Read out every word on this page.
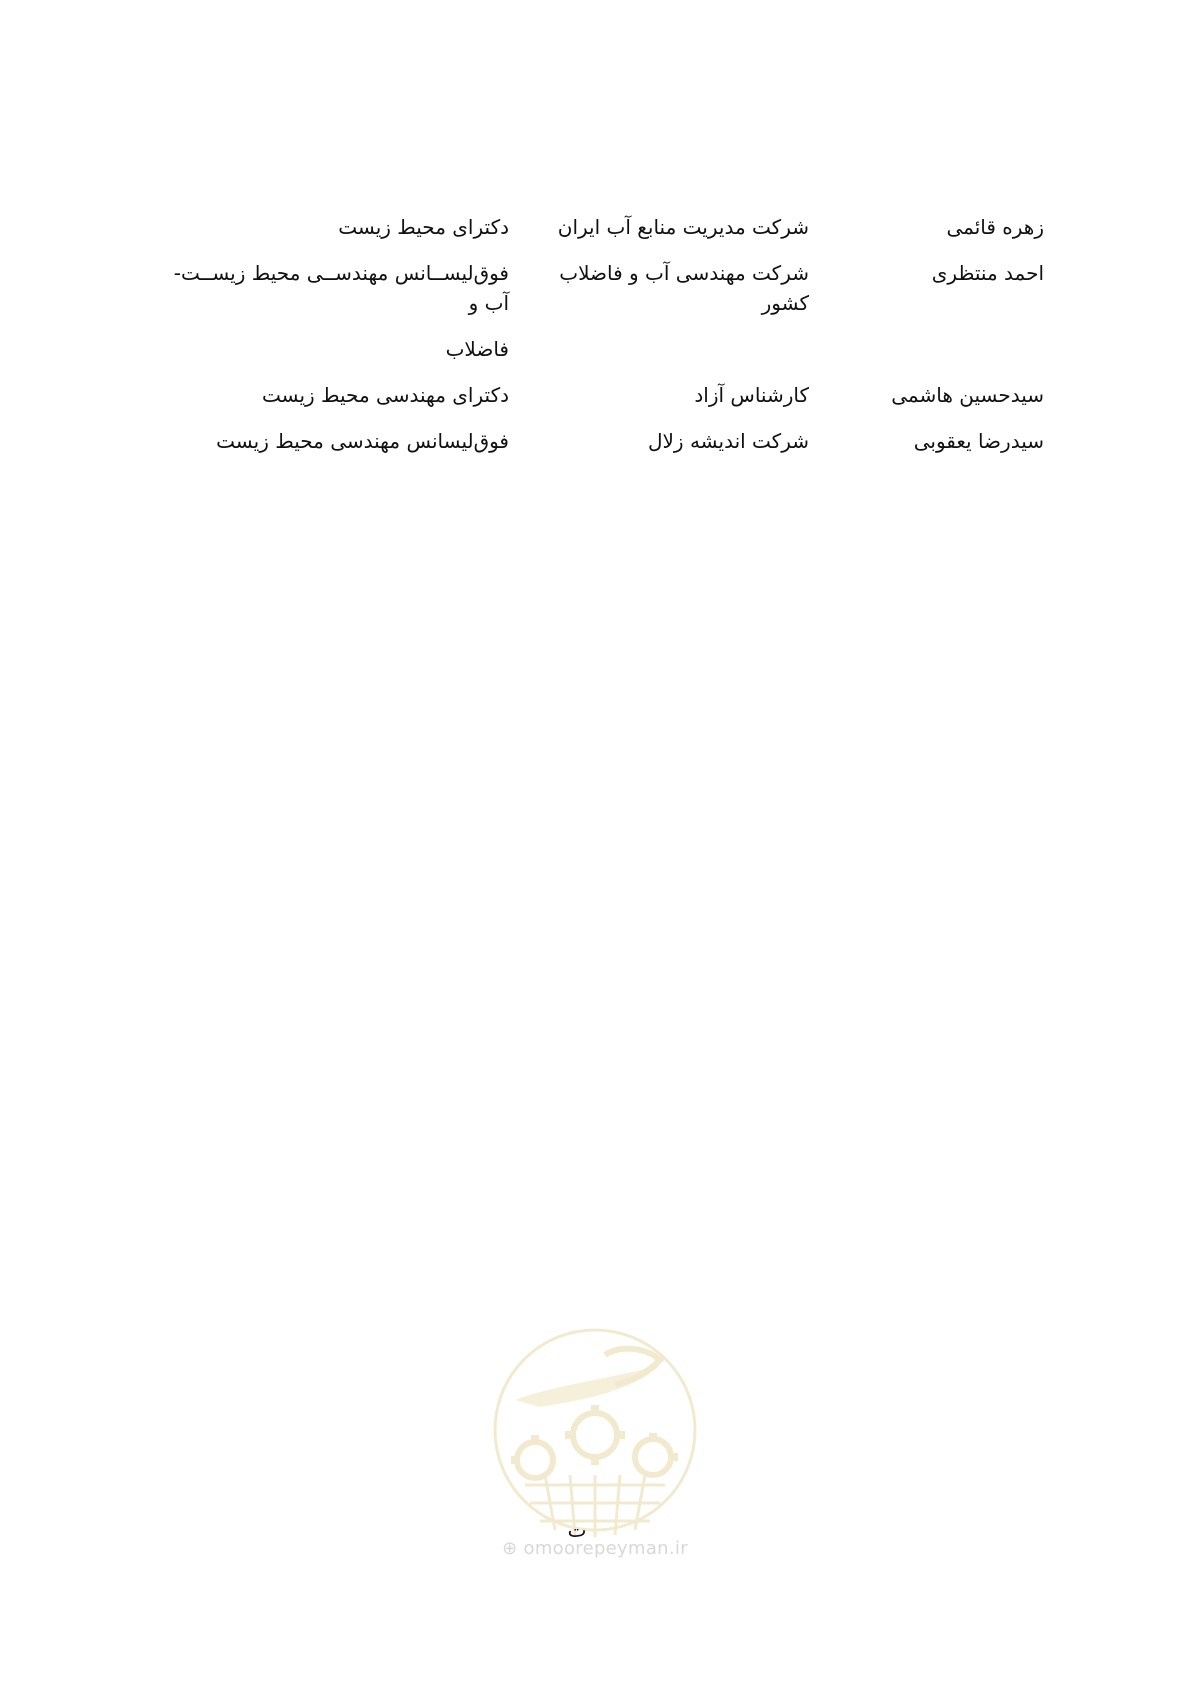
زهره قائمی
شرکت مدیریت منابع آب ایران
دکترای محیط زیست
احمد منتظری
شرکت مهندسی آب و فاضلاب کشور
فوق‌لیســانس مهندســی محیط زیســت- آب و
فاضلاب
سیدحسین هاشمی
کارشناس آزاد
دکترای مهندسی محیط زیست
سیدرضا یعقوبی
شرکت اندیشه زلال
فوق‌لیسانس مهندسی محیط زیست
ت
⊕ omoorepeyman.ir
